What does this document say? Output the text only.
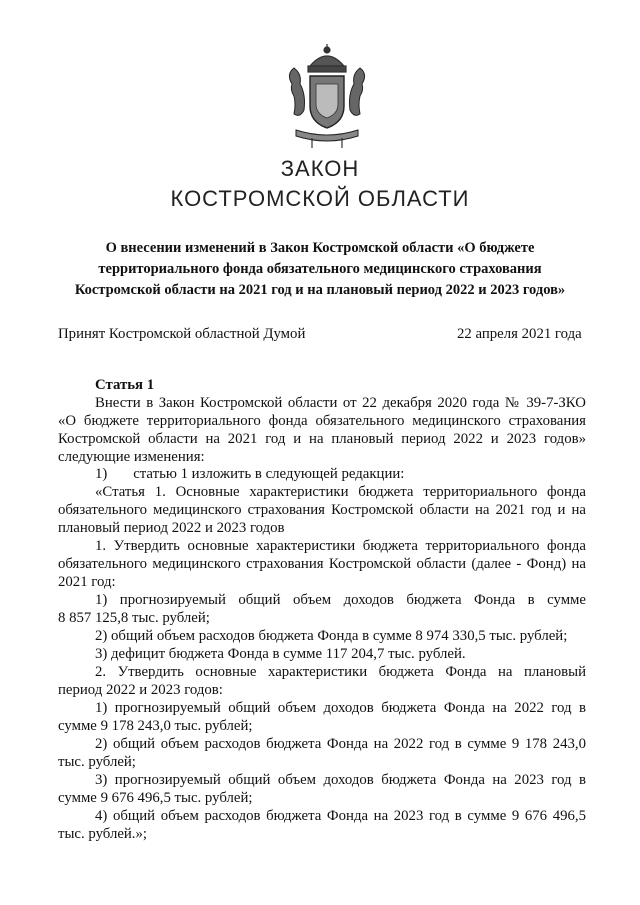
ЗАКОН
КОСТРОМСКОЙ ОБЛАСТИ
О внесении изменений в Закон Костромской области «О бюджете
территориального фонда обязательного медицинского страхования
Костромской области на 2021 год и на плановый период 2022 и 2023 годов»
Принят Костромской областной Думой	22 апреля 2021 года
Статья 1
Внести в Закон Костромской области от 22 декабря 2020 года № 39-7-ЗКО
«О бюджете территориального фонда обязательного медицинского страхования
Костромской области на 2021 год и на плановый период 2022 и 2023 годов»
следующие изменения:
1)       статью 1 изложить в следующей редакции:
«Статья 1. Основные характеристики бюджета территориального фонда
обязательного медицинского страхования Костромской области на 2021 год и на
плановый период 2022 и 2023 годов
1. Утвердить основные характеристики бюджета территориального фонда
обязательного медицинского страхования Костромской области (далее - Фонд) на
2021 год:
1) прогнозируемый общий объем доходов бюджета Фонда в сумме
8 857 125,8 тыс. рублей;
2) общий объем расходов бюджета Фонда в сумме 8 974 330,5 тыс. рублей;
3) дефицит бюджета Фонда в сумме 117 204,7 тыс. рублей.
2. Утвердить основные характеристики бюджета Фонда на плановый
период 2022 и 2023 годов:
1) прогнозируемый общий объем доходов бюджета Фонда на 2022 год в
сумме 9 178 243,0 тыс. рублей;
2) общий объем расходов бюджета Фонда на 2022 год в сумме 9 178 243,0
тыс. рублей;
3) прогнозируемый общий объем доходов бюджета Фонда на 2023 год в
сумме 9 676 496,5 тыс. рублей;
4) общий объем расходов бюджета Фонда на 2023 год в сумме 9 676 496,5
тыс. рублей.»;
